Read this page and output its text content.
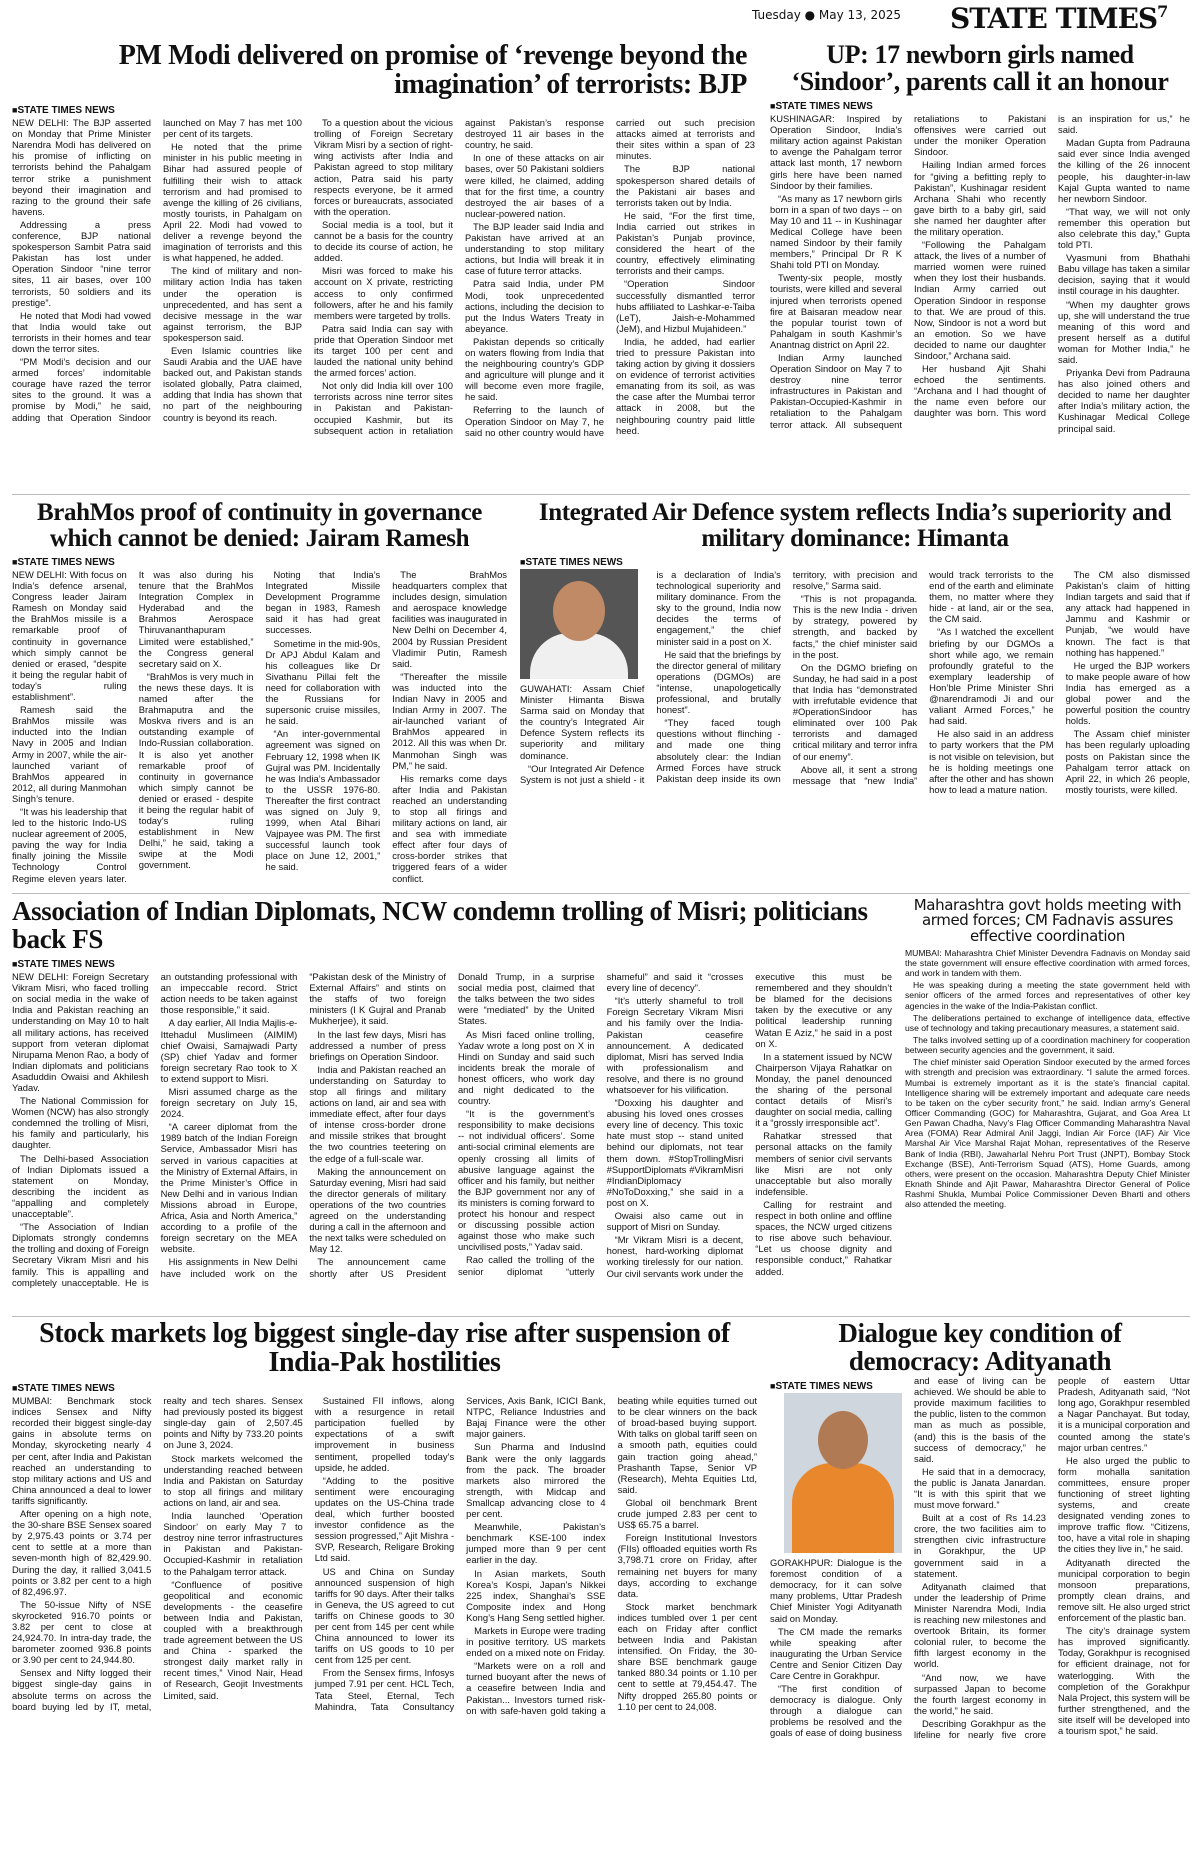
Tuesday ● May 13, 2025 STATE TIMES$^7$
PM Modi delivered on promise of ‘revenge beyond the imagination’ of terrorists: BJP
■ STATE TIMES NEWS

NEW DELHI: The BJP asserted on Monday that Prime Minister Narendra Modi has delivered on his promise of inflicting on terrorists behind the Pahalgam terror strike a punishment beyond their imagination and razing to the ground their safe havens.

Addressing a press conference, BJP national spokesperson Sambit Patra said Pakistan has lost under Operation Sindoor “nine terror sites, 11 air bases, over 100 terrorists, 50 soldiers and its prestige”.

He noted that Modi had vowed that India would take out terrorists in their homes and tear down the terror sites.

“PM Modi’s decision and our armed forces’ indomitable courage have razed the terror sites to the ground. It was a promise by Modi,” he said, adding that Operation Sindoor launched on May 7 has met 100 per cent of its targets.

He noted that the prime minister in his public meeting in Bihar had assured people of fulfilling their wish to attack terrorism and had promised to avenge the killing of 26 civilians, mostly tourists, in Pahalgam on April 22. Modi had vowed to deliver a revenge beyond the imagination of terrorists and this is what happened, he added.

The kind of military and non-military action India has taken under the operation is unprecedented, and has sent a decisive message in the war against terrorism, the BJP spokesperson said.

Even Islamic countries like Saudi Arabia and the UAE have backed out, and Pakistan stands isolated globally, Patra claimed, adding that India has shown that no part of the neighbouring country is beyond its reach.

To a question about the vicious trolling of Foreign Secretary Vikram Misri by a section of right-wing activists after India and Pakistan agreed to stop military action, Patra said his party respects everyone, be it armed forces or bureaucrats, associated with the operation.

Social media is a tool, but it cannot be a basis for the country to decide its course of action, he added.

Misri was forced to make his account on X private, restricting access to only confirmed followers, after he and his family members were targeted by trolls.

Patra said India can say with pride that Operation Sindoor met its target 100 per cent and lauded the national unity behind the armed forces’ action.

Not only did India kill over 100 terrorists across nine terror sites in Pakistan and Pakistan-occupied Kashmir, but its subsequent action in retaliation against Pakistan’s response destroyed 11 air bases in the country, he said.

In one of these attacks on air bases, over 50 Pakistani soldiers were killed, he claimed, adding that for the first time, a country destroyed the air bases of a nuclear-powered nation.

The BJP leader said India and Pakistan have arrived at an understanding to stop military actions, but India will break it in case of future terror attacks.

Patra said India, under PM Modi, took unprecedented actions, including the decision to put the Indus Waters Treaty in abeyance.

Pakistan depends so critically on waters flowing from India that the neighbouring country’s GDP and agriculture will plunge and it will become even more fragile, he said.

Referring to the launch of Operation Sindoor on May 7, he said no other country would have carried out such precision attacks aimed at terrorists and their sites within a span of 23 minutes.

The BJP national spokesperson shared details of the Pakistani air bases and terrorists taken out by India.

He said, “For the first time, India carried out strikes in Pakistan’s Punjab province, considered the heart of the country, effectively eliminating terrorists and their camps.

“Operation Sindoor successfully dismantled terror hubs affiliated to Lashkar-e-Taiba (LeT), Jaish-e-Mohammed (JeM), and Hizbul Mujahideen.”

India, he added, had earlier tried to pressure Pakistan into taking action by giving it dossiers on evidence of terrorist activities emanating from its soil, as was the case after the Mumbai terror attack in 2008, but the neighbouring country paid little heed.

UP: 17 newborn girls named ‘Sindoor’, parents call it an honour
■ STATE TIMES NEWS

KUSHINAGAR: Inspired by Operation Sindoor, India’s military action against Pakistan to avenge the Pahalgam terror attack last month, 17 newborn girls here have been named Sindoor by their families.

“As many as 17 newborn girls born in a span of two days -- on May 10 and 11 -- in Kushinagar Medical College have been named Sindoor by their family members,” Principal Dr R K Shahi told PTI on Monday.

Twenty-six people, mostly tourists, were killed and several injured when terrorists opened fire at Baisaran meadow near the popular tourist town of Pahalgam in south Kashmir’s Anantnag district on April 22.

Indian Army launched Operation Sindoor on May 7 to destroy nine terror infrastructures in Pakistan and Pakistan-Occupied-Kashmir in retaliation to the Pahalgam terror attack. All subsequent retaliations to Pakistani offensives were carried out under the moniker Operation Sindoor.

Hailing Indian armed forces for “giving a befitting reply to Pakistan”, Kushinagar resident Archana Shahi who recently gave birth to a baby girl, said she named her daughter after the military operation.

“Following the Pahalgam attack, the lives of a number of married women were ruined when they lost their husbands. Indian Army carried out Operation Sindoor in response to that. We are proud of this. Now, Sindoor is not a word but an emotion. So we have decided to name our daughter Sindoor,” Archana said.

Her husband Ajit Shahi echoed the sentiments. “Archana and I had thought of the name even before our daughter was born. This word is an inspiration for us,” he said.

Madan Gupta from Padrauna said ever since India avenged the killing of the 26 innocent people, his daughter-in-law Kajal Gupta wanted to name her newborn Sindoor.

“That way, we will not only remember this operation but also celebrate this day,” Gupta told PTI.

Vyasmuni from Bhathahi Babu village has taken a similar decision, saying that it would instil courage in his daughter.

“When my daughter grows up, she will understand the true meaning of this word and present herself as a dutiful woman for Mother India,” he said.

Priyanka Devi from Padrauna has also joined others and decided to name her daughter after India’s military action, the Kushinagar Medical College principal said.

BrahMos proof of continuity in governance which cannot be denied: Jairam Ramesh
■ STATE TIMES NEWS

NEW DELHI: With focus on India’s defence arsenal, Congress leader Jairam Ramesh on Monday said the BrahMos missile is a remarkable proof of continuity in governance which simply cannot be denied or erased, “despite it being the regular habit of today’s ruling establishment”.

Ramesh said the BrahMos missile was inducted into the Indian Navy in 2005 and Indian Army in 2007, while the air-launched variant of BrahMos appeared in 2012, all during Manmohan Singh’s tenure.

“It was his leadership that led to the historic Indo-US nuclear agreement of 2005, paving the way for India finally joining the Missile Technology Control Regime eleven years later. It was also during his tenure that the BrahMos Integration Complex in Hyderabad and the Brahmos Aerospace Thiruvananthapuram Limited were established,” the Congress general secretary said on X.

“BrahMos is very much in the news these days. It is named after the Brahmaputra and the Moskva rivers and is an outstanding example of Indo-Russian collaboration. It is also yet another remarkable proof of continuity in governance which simply cannot be denied or erased - despite it being the regular habit of today’s ruling establishment in New Delhi,” he said, taking a swipe at the Modi government.

Noting that India’s Integrated Missile Development Programme began in 1983, Ramesh said it has had great successes.

Sometime in the mid-90s, Dr APJ Abdul Kalam and his colleagues like Dr Sivathanu Pillai felt the need for collaboration with the Russians for supersonic cruise missiles, he said.

“An inter-governmental agreement was signed on February 12, 1998 when IK Gujral was PM. Incidentally he was India’s Ambassador to the USSR 1976-80. Thereafter the first contract was signed on July 9, 1999, when Atal Bihari Vajpayee was PM. The first successful launch took place on June 12, 2001,” he said.

The BrahMos headquarters complex that includes design, simulation and aerospace knowledge facilities was inaugurated in New Delhi on December 4, 2004 by Russian President Vladimir Putin, Ramesh said.

“Thereafter the missile was inducted into the Indian Navy in 2005 and Indian Army in 2007. The air-launched variant of BrahMos appeared in 2012. All this was when Dr. Manmohan Singh was PM,” he said.

His remarks come days after India and Pakistan reached an understanding to stop all firings and military actions on land, air and sea with immediate effect after four days of cross-border strikes that triggered fears of a wider conflict.

Integrated Air Defence system reflects India’s superiority and military dominance: Himanta
■ STATE TIMES NEWS

GUWAHATI: Assam Chief Minister Himanta Biswa Sarma said on Monday that the country’s Integrated Air Defence System reflects its superiority and military dominance.

“Our Integrated Air Defence System is not just a shield - it is a declaration of India’s technological superiority and military dominance. From the sky to the ground, India now decides the terms of engagement,” the chief minister said in a post on X.

He said that the briefings by the director general of military operations (DGMOs) are “intense, unapologetically professional, and brutally honest”.

“They faced tough questions without flinching - and made one thing absolutely clear: the Indian Armed Forces have struck Pakistan deep inside its own territory, with precision and resolve,” Sarma said.

“This is not propaganda. This is the new India - driven by strategy, powered by strength, and backed by facts,” the chief minister said in the post.

On the DGMO briefing on Sunday, he had said in a post that India has “demonstrated with irrefutable evidence that #OperationSindoor has eliminated over 100 Pak terrorists and damaged critical military and terror infra of our enemy”.

Above all, it sent a strong message that “new India” would track terrorists to the end of the earth and eliminate them, no matter where they hide - at land, air or the sea, the CM said.

“As I watched the excellent briefing by our DGMOs a short while ago, we remain profoundly grateful to the exemplary leadership of Hon’ble Prime Minister Shri @narendramodi Ji and our valiant Armed Forces,” he had said.

He also said in an address to party workers that the PM is not visible on television, but he is holding meetings one after the other and has shown how to lead a mature nation.

The CM also dismissed Pakistan’s claim of hitting Indian targets and said that if any attack had happened in Jammu and Kashmir or Punjab, “we would have known. The fact is that nothing has happened.”

He urged the BJP workers to make people aware of how India has emerged as a global power and the powerful position the country holds.

The Assam chief minister has been regularly uploading posts on Pakistan since the Pahalgam terror attack on April 22, in which 26 people, mostly tourists, were killed.

Association of Indian Diplomats, NCW condemn trolling of Misri; politicians back FS
■ STATE TIMES NEWS

NEW DELHI: Foreign Secretary Vikram Misri, who faced trolling on social media in the wake of India and Pakistan reaching an understanding on May 10 to halt all military actions, has received support from veteran diplomat Nirupama Menon Rao, a body of Indian diplomats and politicians Asaduddin Owaisi and Akhilesh Yadav.

The National Commission for Women (NCW) has also strongly condemned the trolling of Misri, his family and particularly, his daughter.

The Delhi-based Association of Indian Diplomats issued a statement on Monday, describing the incident as “appalling and completely unacceptable”.

“The Association of Indian Diplomats strongly condemns the trolling and doxing of Foreign Secretary Vikram Misri and his family. This is appalling and completely unacceptable. He is an outstanding professional with an impeccable record. Strict action needs to be taken against those responsible,” it said.

A day earlier, All India Majlis-e-Ittehadul Muslimeen (AIMIM) chief Owaisi, Samajwadi Party (SP) chief Yadav and former foreign secretary Rao took to X to extend support to Misri.

Misri assumed charge as the foreign secretary on July 15, 2024.

“A career diplomat from the 1989 batch of the Indian Foreign Service, Ambassador Misri has served in various capacities at the Ministry of External Affairs, in the Prime Minister’s Office in New Delhi and in various Indian Missions abroad in Europe, Africa, Asia and North America,” according to a profile of the foreign secretary on the MEA website.

His assignments in New Delhi have included work on the “Pakistan desk of the Ministry of External Affairs” and stints on the staffs of two foreign ministers (I K Gujral and Pranab Mukherjee), it said.

In the last few days, Misri has addressed a number of press briefings on Operation Sindoor.

India and Pakistan reached an understanding on Saturday to stop all firings and military actions on land, air and sea with immediate effect, after four days of intense cross-border drone and missile strikes that brought the two countries teetering on the edge of a full-scale war.

Making the announcement on Saturday evening, Misri had said the director generals of military operations of the two countries agreed on the understanding during a call in the afternoon and the next talks were scheduled on May 12.

The announcement came shortly after US President Donald Trump, in a surprise social media post, claimed that the talks between the two sides were “mediated” by the United States.

As Misri faced online trolling, Yadav wrote a long post on X in Hindi on Sunday and said such incidents break the morale of honest officers, who work day and night dedicated to the country.

“It is the government’s responsibility to make decisions -- not individual officers’. Some anti-social criminal elements are openly crossing all limits of abusive language against the officer and his family, but neither the BJP government nor any of its ministers is coming forward to protect his honour and respect or discussing possible action against those who make such uncivilised posts,” Yadav said.

Rao called the trolling of the senior diplomat “utterly shameful” and said it “crosses every line of decency”.

“It’s utterly shameful to troll Foreign Secretary Vikram Misri and his family over the India-Pakistan ceasefire announcement. A dedicated diplomat, Misri has served India with professionalism and resolve, and there is no ground whatsoever for his vilification.

“Doxxing his daughter and abusing his loved ones crosses every line of decency. This toxic hate must stop -- stand united behind our diplomats, not tear them down. #StopTrollingMisri #SupportDiplomats #VikramMisri #IndianDiplomacy #NoToDoxxing,” she said in a post on X.

Owaisi also came out in support of Misri on Sunday.

“Mr Vikram Misri is a decent, honest, hard-working diplomat working tirelessly for our nation. Our civil servants work under the executive this must be remembered and they shouldn’t be blamed for the decisions taken by the executive or any political leadership running Watan E Aziz,” he said in a post on X.

In a statement issued by NCW Chairperson Vijaya Rahatkar on Monday, the panel denounced the sharing of the personal contact details of Misri’s daughter on social media, calling it a “grossly irresponsible act”.

Rahatkar stressed that personal attacks on the family members of senior civil servants like Misri are not only unacceptable but also morally indefensible.

Calling for restraint and respect in both online and offline spaces, the NCW urged citizens to rise above such behaviour. “Let us choose dignity and responsible conduct,” Rahatkar added.

Maharashtra govt holds meeting with armed forces; CM Fadnavis assures effective coordination

MUMBAI: Maharashtra Chief Minister Devendra Fadnavis on Monday said the state government will ensure effective coordination with armed forces, and work in tandem with them.

He was speaking during a meeting the state government held with senior officers of the armed forces and representatives of other key agencies in the wake of the India-Pakistan conflict.

The deliberations pertained to exchange of intelligence data, effective use of technology and taking precautionary measures, a statement said.

The talks involved setting up of a coordination machinery for cooperation between security agencies and the government, it said.

The chief minister said Operation Sindoor executed by the armed forces with strength and precision was extraordinary. “I salute the armed forces. Mumbai is extremely important as it is the state’s financial capital. Intelligence sharing will be extremely important and adequate care needs to be taken on the cyber security front,” he said. Indian army’s General Officer Commanding (GOC) for Maharashtra, Gujarat, and Goa Area Lt Gen Pawan Chadha, Navy’s Flag Officer Commanding Maharashtra Naval Area (FOMA) Rear Admiral Anil Jaggi, Indian Air Force (IAF) Air Vice Marshal Air Vice Marshal Rajat Mohan, representatives of the Reserve Bank of India (RBI), Jawaharlal Nehru Port Trust (JNPT), Bombay Stock Exchange (BSE), Anti-Terrorism Squad (ATS), Home Guards, among others, were present on the occasion. Maharashtra Deputy Chief Minister Eknath Shinde and Ajit Pawar, Maharashtra Director General of Police Rashmi Shukla, Mumbai Police Commissioner Deven Bharti and others also attended the meeting.

Stock markets log biggest single-day rise after suspension of India-Pak hostilities
■ STATE TIMES NEWS

MUMBAI: Benchmark stock indices Sensex and Nifty recorded their biggest single-day gains in absolute terms on Monday, skyrocketing nearly 4 per cent, after India and Pakistan reached an understanding to stop military actions and US and China announced a deal to lower tariffs significantly.

After opening on a high note, the 30-share BSE Sensex soared by 2,975.43 points or 3.74 per cent to settle at a more than seven-month high of 82,429.90. During the day, it rallied 3,041.5 points or 3.82 per cent to a high of 82,496.97.

The 50-issue Nifty of NSE skyrocketed 916.70 points or 3.82 per cent to close at 24,924.70. In intra-day trade, the barometer zoomed 936.8 points or 3.90 per cent to 24,944.80.

Sensex and Nifty logged their biggest single-day gains in absolute terms on across the board buying led by IT, metal, realty and tech shares. Sensex had previously posted its biggest single-day gain of 2,507.45 points and Nifty by 733.20 points on June 3, 2024.

Stock markets welcomed the understanding reached between India and Pakistan on Saturday to stop all firings and military actions on land, air and sea.

India launched ‘Operation Sindoor’ on early May 7 to destroy nine terror infrastructures in Pakistan and Pakistan-Occupied-Kashmir in retaliation to the Pahalgam terror attack.

“Confluence of positive geopolitical and economic developments - the ceasefire between India and Pakistan, coupled with a breakthrough trade agreement between the US and China - sparked the strongest daily market rally in recent times,” Vinod Nair, Head of Research, Geojit Investments Limited, said.

Sustained FII inflows, along with a resurgence in retail participation fuelled by expectations of a swift improvement in business sentiment, propelled today’s upside, he added.

“Adding to the positive sentiment were encouraging updates on the US-China trade deal, which further boosted investor confidence as the session progressed,” Ajit Mishra - SVP, Research, Religare Broking Ltd said.

US and China on Sunday announced suspension of high tariffs for 90 days. After their talks in Geneva, the US agreed to cut tariffs on Chinese goods to 30 per cent from 145 per cent while China announced to lower its tariffs on US goods to 10 per cent from 125 per cent.

From the Sensex firms, Infosys jumped 7.91 per cent. HCL Tech, Tata Steel, Eternal, Tech Mahindra, Tata Consultancy Services, Axis Bank, ICICI Bank, NTPC, Reliance Industries and Bajaj Finance were the other major gainers.

Sun Pharma and IndusInd Bank were the only laggards from the pack. The broader markets also mirrored the strength, with Midcap and Smallcap advancing close to 4 per cent.

Meanwhile, Pakistan’s benchmark KSE-100 index jumped more than 9 per cent earlier in the day.

In Asian markets, South Korea’s Kospi, Japan’s Nikkei 225 index, Shanghai’s SSE Composite index and Hong Kong’s Hang Seng settled higher.

Markets in Europe were trading in positive territory. US markets ended on a mixed note on Friday.

“Markets were on a roll and turned buoyant after the news of a ceasefire between India and Pakistan... Investors turned risk-on with safe-haven gold taking a beating while equities turned out to be clear winners on the back of broad-based buying support. With talks on global tariff seen on a smooth path, equities could gain traction going ahead,” Prashanth Tapse, Senior VP (Research), Mehta Equities Ltd, said.

Global oil benchmark Brent crude jumped 2.83 per cent to US$ 65.75 a barrel.

Foreign Institutional Investors (FIIs) offloaded equities worth Rs 3,798.71 crore on Friday, after remaining net buyers for many days, according to exchange data.

Stock market benchmark indices tumbled over 1 per cent each on Friday after conflict between India and Pakistan intensified. On Friday, the 30-share BSE benchmark gauge tanked 880.34 points or 1.10 per cent to settle at 79,454.47. The Nifty dropped 265.80 points or 1.10 per cent to 24,008.

Dialogue key condition of democracy: Adityanath
■ STATE TIMES NEWS

GORAKHPUR: Dialogue is the foremost condition of a democracy, for it can solve many problems, Uttar Pradesh Chief Minister Yogi Adityanath said on Monday.

The CM made the remarks while speaking after inaugurating the Urban Service Centre and Senior Citizen Day Care Centre in Gorakhpur.

“The first condition of democracy is dialogue. Only through a dialogue can problems be resolved and the goals of ease of doing business and ease of living can be achieved. We should be able to provide maximum facilities to the public, listen to the common man as much as possible, (and) this is the basis of the success of democracy,” he said.

He said that in a democracy, the public is Janata Janardan. “It is with this spirit that we must move forward.”

Built at a cost of Rs 14.23 crore, the two facilities aim to strengthen civic infrastructure in Gorakhpur, the UP government said in a statement.

Adityanath claimed that under the leadership of Prime Minister Narendra Modi, India is reaching new milestones and overtook Britain, its former colonial ruler, to become the fifth largest economy in the world.

“And now, we have surpassed Japan to become the fourth largest economy in the world,” he said.

Describing Gorakhpur as the lifeline for nearly five crore people of eastern Uttar Pradesh, Adityanath said, “Not long ago, Gorakhpur resembled a Nagar Panchayat. But today, it is a municipal corporation and counted among the state’s major urban centres.”

He also urged the public to form mohalla sanitation committees, ensure proper functioning of street lighting systems, and create designated vending zones to improve traffic flow. “Citizens, too, have a vital role in shaping the cities they live in,” he said.

Adityanath directed the municipal corporation to begin monsoon preparations, promptly clean drains, and remove silt. He also urged strict enforcement of the plastic ban.

The city’s drainage system has improved significantly. Today, Gorakhpur is recognised for efficient drainage, not for waterlogging. With the completion of the Gorakhpur Nala Project, this system will be further strengthened, and the site itself will be developed into a tourism spot,” he said.
